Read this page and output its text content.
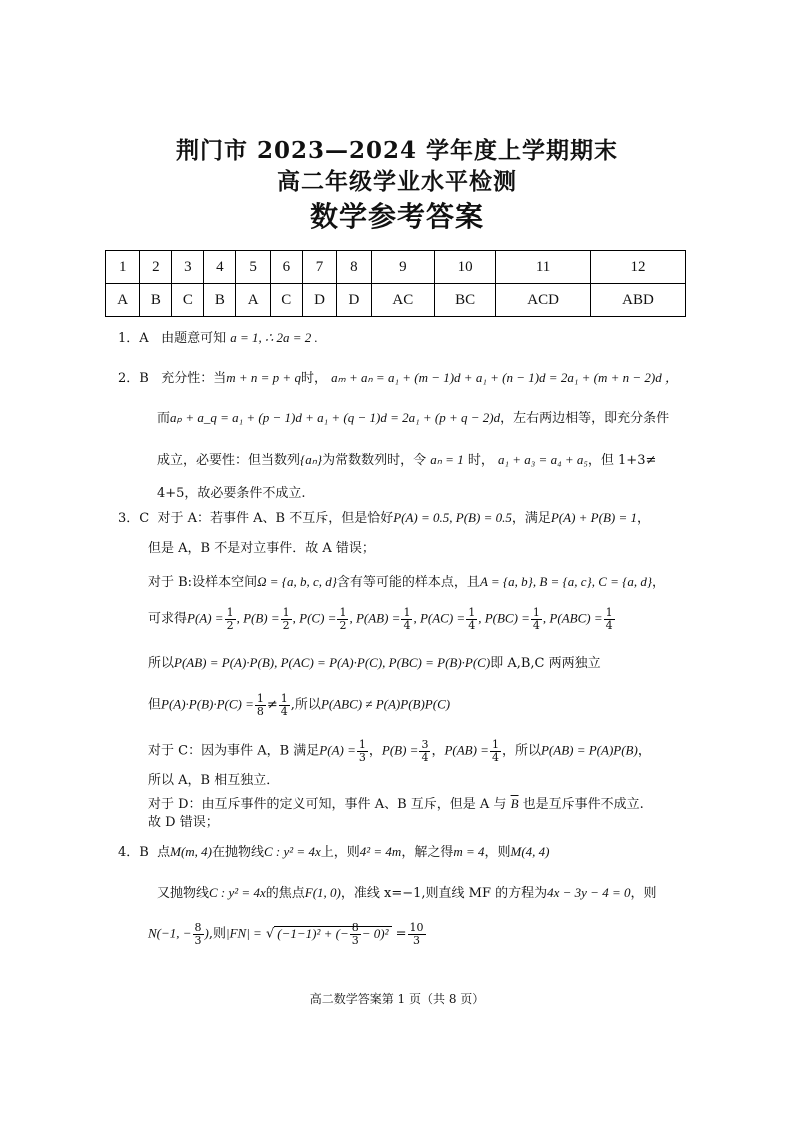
荆门市 2023—2024 学年度上学期期末
高二年级学业水平检测
数学参考答案
1	2	3	4	5	6	7	8	9	10	11	12
A	B	C	B	A	C	D	D	AC	BC	ACD	ABD
1．A 由题意可知 a = 1, ∴ 2a = 2 .
2．B 充分性：当m + n = p + q时， aₘ + aₙ = a₁ + (m − 1)d + a₁ + (n − 1)d = 2a₁ + (m + n − 2)d ，
而aₚ + a_q = a₁ + (p − 1)d + a₁ + (q − 1)d = 2a₁ + (p + q − 2)d，左右两边相等，即充分条件
成立，必要性：但当数列{aₙ}为常数数列时，令 aₙ = 1 时， a₁ + a₃ = a₄ + a₅，但 1+3≠
4+5，故必要条件不成立.
3．C 对于 A：若事件 A、B 不互斥，但是恰好P(A) = 0.5, P(B) = 0.5，满足P(A) + P(B) = 1，
但是 A，B 不是对立事件．故 A 错误；
对于 B:设样本空间Ω = {a, b, c, d}含有等可能的样本点，且A = {a, b}, B = {a, c}, C = {a, d}，
可求得$P(A) = \frac{1}{2}$ , $P(B) = \frac{1}{2}$ , $P(C) = \frac{1}{2}$ , $P(AB) = \frac{1}{4}$ , $P(AC) = \frac{1}{4}$ , $P(BC) = \frac{1}{4}$ , $P(ABC) = \frac{1}{4}$
所以P(AB) = P(A)·P(B), P(AC) = P(A)·P(C), P(BC) = P(B)·P(C)即 A,B,C 两两独立
但$P(A)\cdot P(B)\cdot P(C) = \frac{1}{8} \ne \frac{1}{4}$ ,所以P(ABC) ≠ P(A)P(B)P(C)
对于 C：因为事件 A，B 满足$P(A) = \frac{1}{3}$ ，$P(B) = \frac{3}{4}$ ，$P(AB) = \frac{1}{4}$ ，所以P(AB) = P(A)P(B)，
所以 A，B 相互独立．
对于 D：由互斥事件的定义可知，事件 A、B 互斥，但是 A 与 $\overline{B}$ 也是互斥事件不成立.
故 D 错误；
4．B 点M(m, 4)在抛物线C : y² = 4x上，则4² = 4m，解之得m = 4，则M(4, 4)
又抛物线C : y² = 4x的焦点F(1, 0)，准线 x=−1,则直线 MF 的方程为4x − 3y − 4 = 0，则
N(−1, − $\frac{8}{3}$ ),则|FN| = √ (−1−1)² + (− $\frac{8}{3} - 0)^2 = \frac{10}{3}$
高二数学答案第 1 页（共 8 页）
